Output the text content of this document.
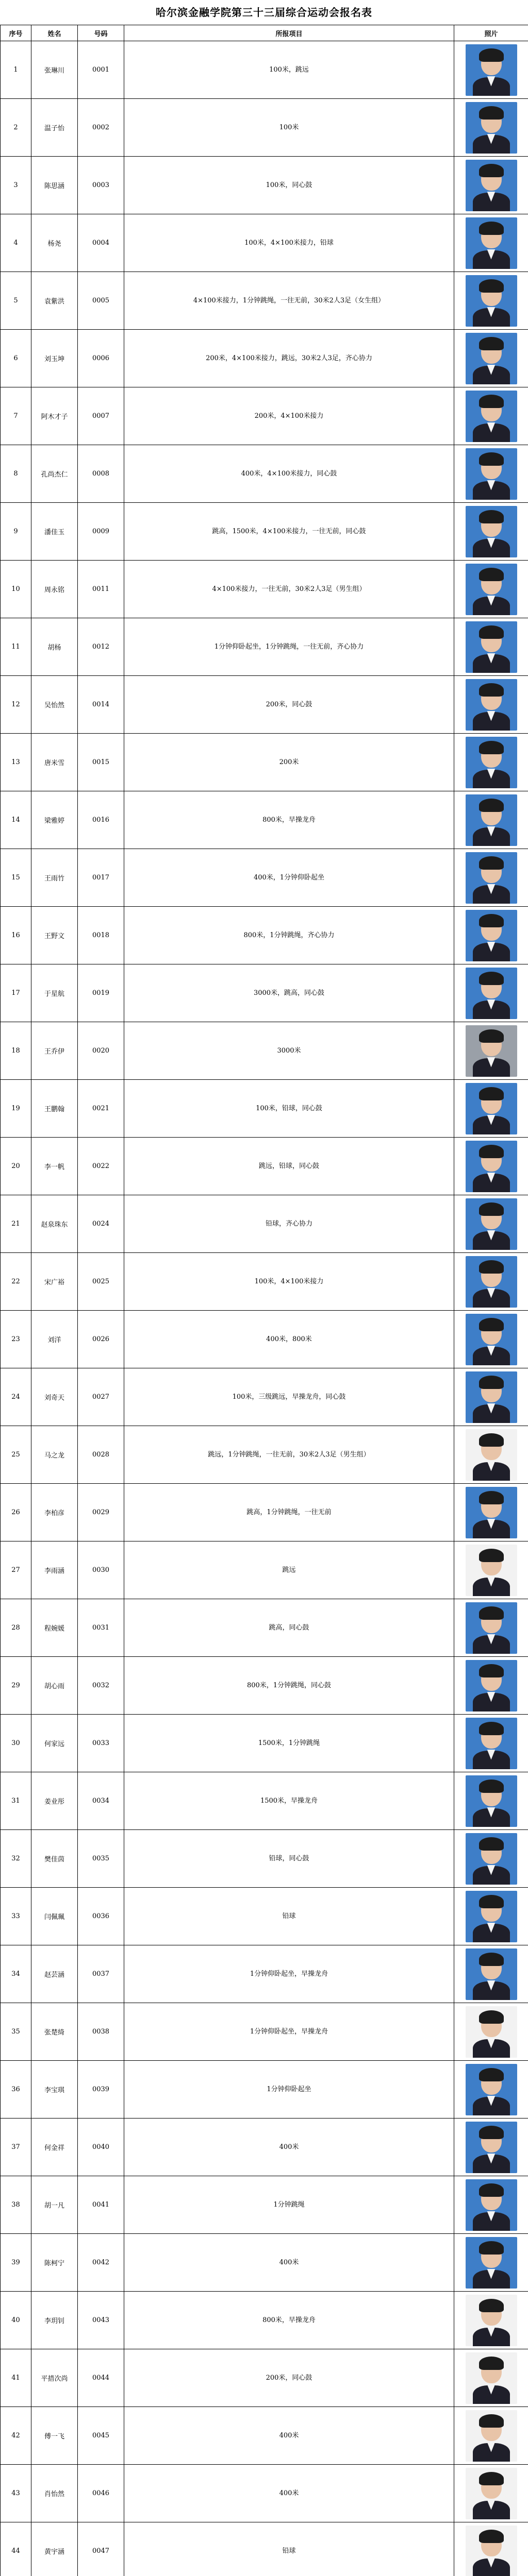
哈尔滨金融学院第三十三届综合运动会报名表
序号	姓名	号码	所报项目	照片
1	张琳川	0001	100米，跳远	

2	温子怡	0002	100米	

3	陈思涵	0003	100米，同心鼓	

4	杨尧	0004	100米，4×100米接力，铅球	

5	袁紫洪	0005	4×100米接力，1分钟跳绳，一往无前，30米2人3足（女生组）	

6	刘玉坤	0006	200米，4×100米接力，跳远，30米2人3足，齐心协力	

7	阿木才子	0007	200米，4×100米接力	

8	孔尚杰仁	0008	400米，4×100米接力，同心鼓	

9	潘佳玉	0009	跳高，1500米，4×100米接力，一往无前，同心鼓	

10	周永铭	0011	4×100米接力，一往无前，30米2人3足（男生组）	

11	胡杨	0012	1分钟仰卧起坐，1分钟跳绳，一往无前，齐心协力	

12	吴怡然	0014	200米，同心鼓	

13	唐米雪	0015	200米	

14	梁雅婷	0016	800米，早操龙舟	

15	王雨竹	0017	400米，1分钟仰卧起坐	

16	王野文	0018	800米，1分钟跳绳，齐心协力	

17	于星航	0019	3000米，跳高，同心鼓	

18	王乔伊	0020	3000米	

19	王鹏翰	0021	100米，铅球，同心鼓	

20	李一帆	0022	跳远，铅球，同心鼓	

21	赵泉珠东	0024	铅球，齐心协力	

22	宋广裕	0025	100米，4×100米接力	

23	刘洋	0026	400米，800米	

24	刘奇天	0027	100米，三级跳远，早操龙舟，同心鼓	

25	马之龙	0028	跳远，1分钟跳绳，一往无前，30米2人3足（男生组）	

26	李柏彦	0029	跳高，1分钟跳绳，一往无前	

27	李雨涵	0030	跳远	

28	程婉媛	0031	跳高，同心鼓	

29	胡心雨	0032	800米，1分钟跳绳，同心鼓	

30	何家远	0033	1500米，1分钟跳绳	

31	姜业彤	0034	1500米，早操龙舟	

32	樊佳茵	0035	铅球，同心鼓	

33	闫佩珮	0036	铅球	

34	赵芸涵	0037	1分钟仰卧起坐，早操龙舟	

35	张楚绮	0038	1分钟仰卧起坐，早操龙舟	

36	李宝琪	0039	1分钟仰卧起坐	

37	何金祥	0040	400米	

38	胡一凡	0041	1分钟跳绳	

39	陈柯宁	0042	400米	

40	李玥钊	0043	800米，早操龙舟	

41	平措次尚	0044	200米，同心鼓	

42	傅一飞	0045	400米	

43	肖怡然	0046	400米	

44	黄宇涵	0047	铅球	
